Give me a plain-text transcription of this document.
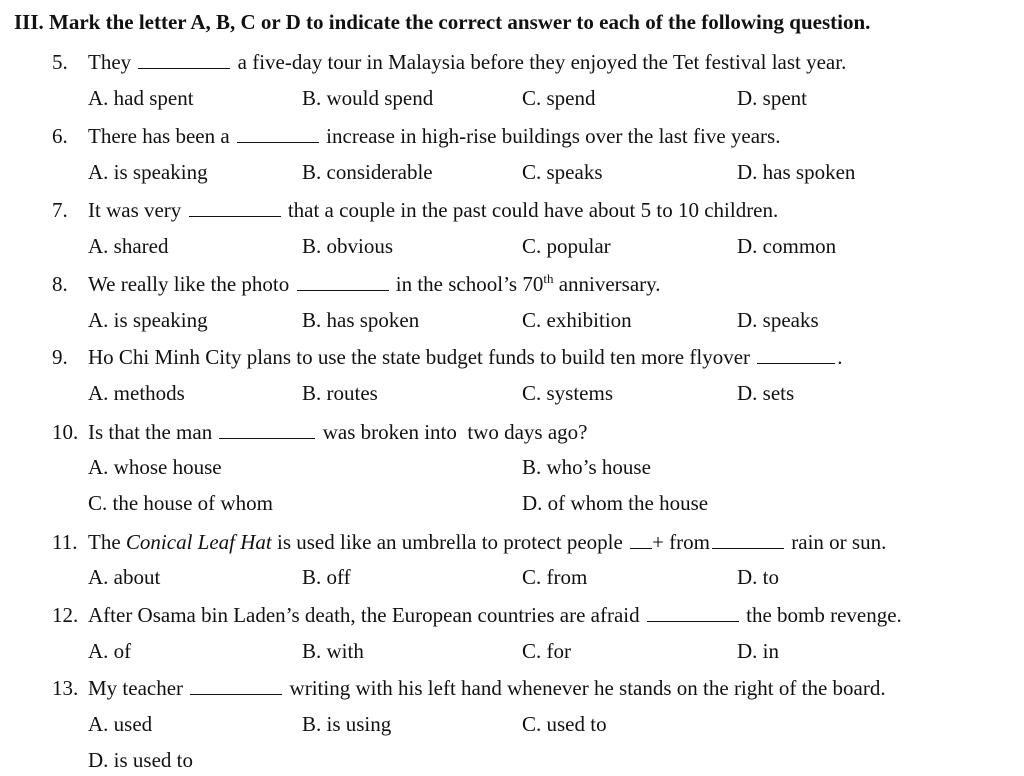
III. Mark the letter A, B, C or D to indicate the correct answer to each of the following question.
5. They	a five-day tour in Malaysia before they enjoyed the Tet festival last year.
A. had spent	B. would spend	C. spend	D. spent
6. There has been a	increase in high-rise buildings over the last five years.
A. is speaking	B. considerable	C. speaks	D. has spoken
7. It was very	that a couple in the past could have about 5 to 10 children.
A. shared	B. obvious	C. popular	D. common
8. We really like the photo	in the school’s 70th anniversary.
A. is speaking	B. has spoken	C. exhibition	D. speaks
9. Ho Chi Minh City plans to use the state budget funds to build ten more flyover	.
A. methods	B. routes	C. systems	D. sets
10. Is that the man	was broken into  two days ago?
A. whose house	B. who’s house
C. the house of whom	D. of whom the house
11. The Conical Leaf Hat is used like an umbrella to protect people + from	rain or sun.
A. about	B. off	C. from	D. to
12. After Osama bin Laden’s death, the European countries are afraid	the bomb revenge.
A. of	B. with	C. for	D. in
13. My teacher	writing with his left hand whenever he stands on the right of the board.
A. used	B. is using	C. used to
D. is used to
